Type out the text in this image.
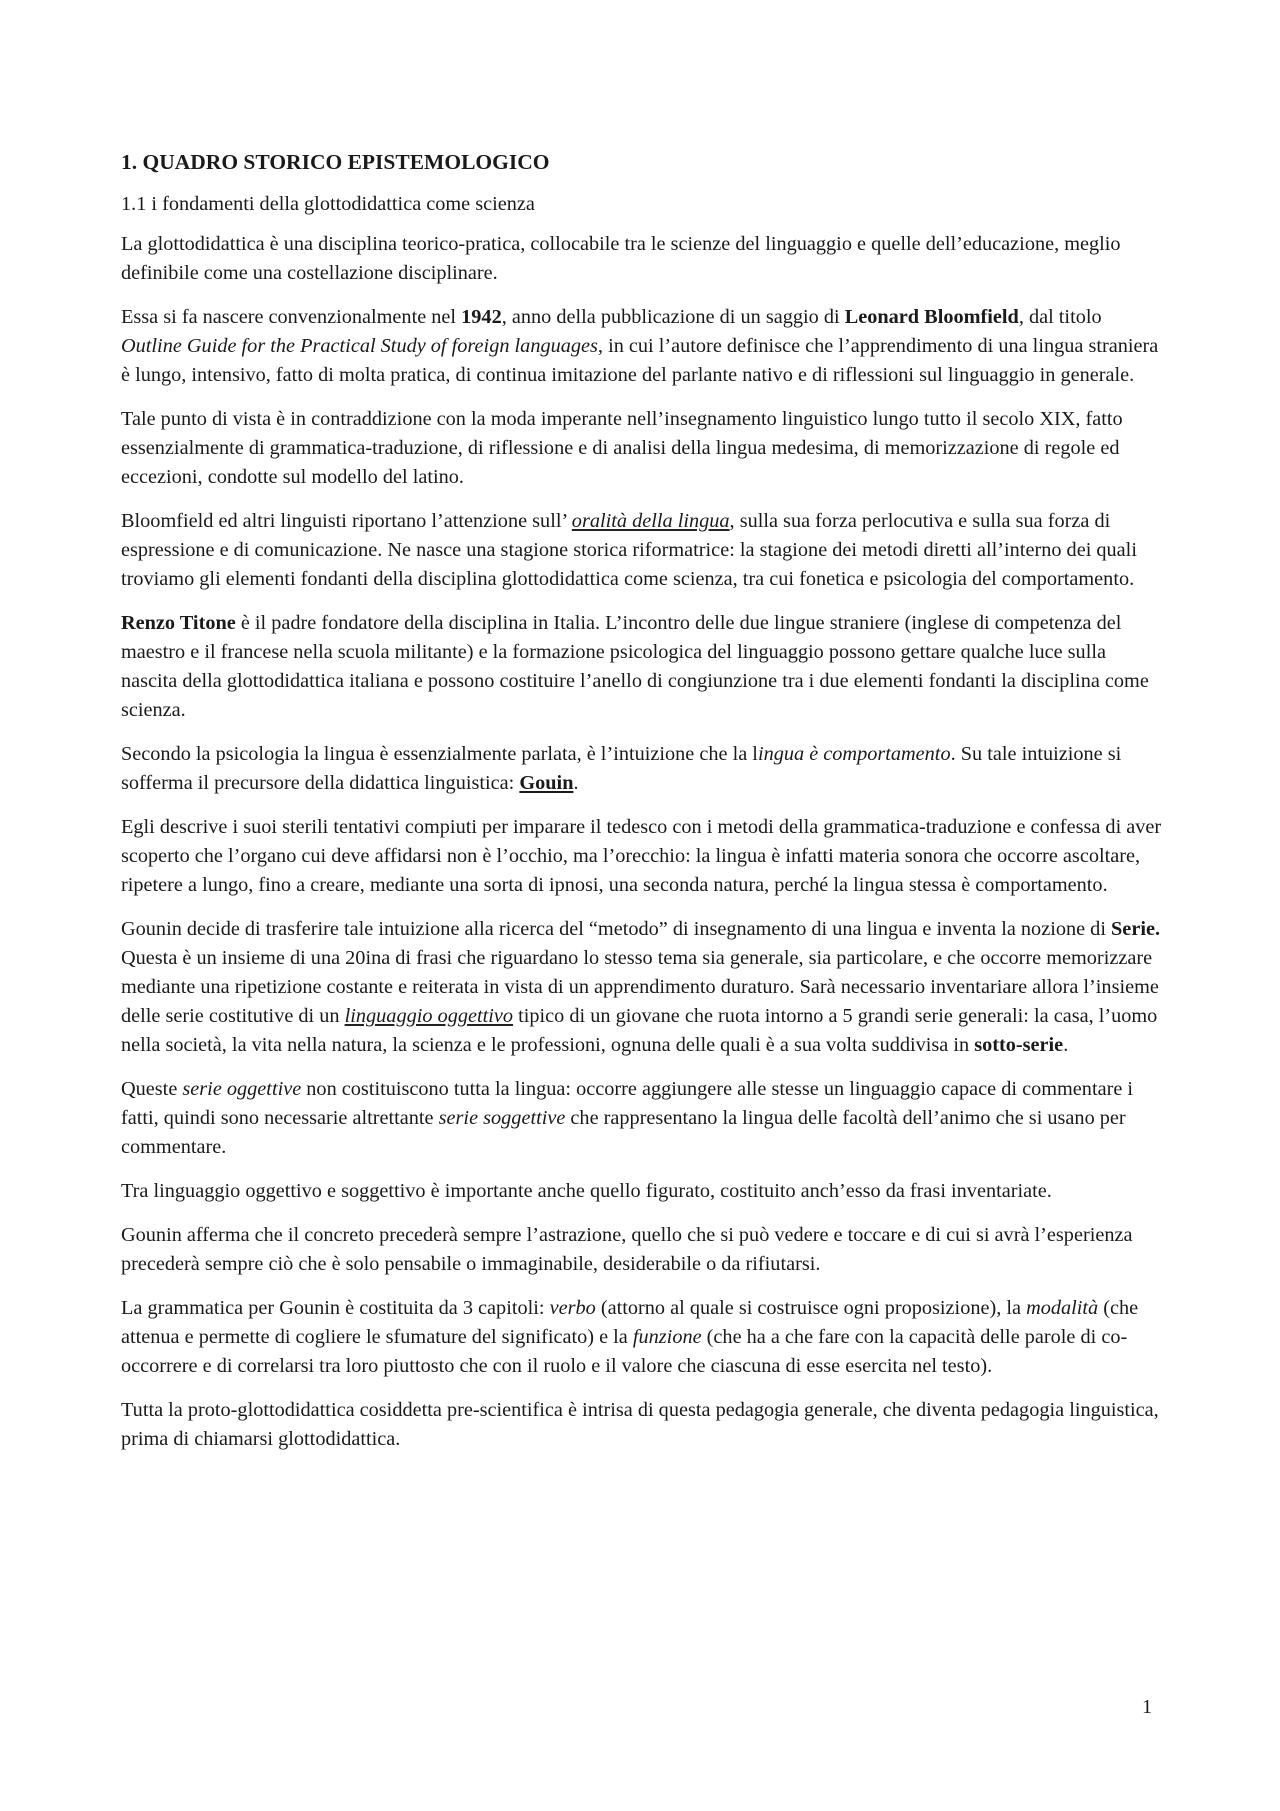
1. QUADRO STORICO EPISTEMOLOGICO

1.1 i fondamenti della glottodidattica come scienza

La glottodidattica è una disciplina teorico-pratica, collocabile tra le scienze del linguaggio e quelle dell’educazione, meglio definibile come una costellazione disciplinare.

Essa si fa nascere convenzionalmente nel 1942, anno della pubblicazione di un saggio di Leonard Bloomfield, dal titolo Outline Guide for the Practical Study of foreign languages, in cui l’autore definisce che l’apprendimento di una lingua straniera è lungo, intensivo, fatto di molta pratica, di continua imitazione del parlante nativo e di riflessioni sul linguaggio in generale.

Tale punto di vista è in contraddizione con la moda imperante nell’insegnamento linguistico lungo tutto il secolo XIX, fatto essenzialmente di grammatica-traduzione, di riflessione e di analisi della lingua medesima, di memorizzazione di regole ed eccezioni, condotte sul modello del latino.

Bloomfield ed altri linguisti riportano l’attenzione sull’ oralità della lingua, sulla sua forza perlocutiva e sulla sua forza di espressione e di comunicazione. Ne nasce una stagione storica riformatrice: la stagione dei metodi diretti all’interno dei quali troviamo gli elementi fondanti della disciplina glottodidattica come scienza, tra cui fonetica e psicologia del comportamento.

Renzo Titone è il padre fondatore della disciplina in Italia. L’incontro delle due lingue straniere (inglese di competenza del maestro e il francese nella scuola militante) e la formazione psicologica del linguaggio possono gettare qualche luce sulla nascita della glottodidattica italiana e possono costituire l’anello di congiunzione tra i due elementi fondanti la disciplina come scienza.

Secondo la psicologia la lingua è essenzialmente parlata, è l’intuizione che la lingua è comportamento. Su tale intuizione si sofferma il precursore della didattica linguistica: Gouin.

Egli descrive i suoi sterili tentativi compiuti per imparare il tedesco con i metodi della grammatica-traduzione e confessa di aver scoperto che l’organo cui deve affidarsi non è l’occhio, ma l’orecchio: la lingua è infatti materia sonora che occorre ascoltare, ripetere a lungo, fino a creare, mediante una sorta di ipnosi, una seconda natura, perché la lingua stessa è comportamento.

Gounin decide di trasferire tale intuizione alla ricerca del “metodo” di insegnamento di una lingua e inventa la nozione di Serie. Questa è un insieme di una 20ina di frasi che riguardano lo stesso tema sia generale, sia particolare, e che occorre memorizzare mediante una ripetizione costante e reiterata in vista di un apprendimento duraturo. Sarà necessario inventariare allora l’insieme delle serie costitutive di un linguaggio oggettivo tipico di un giovane che ruota intorno a 5 grandi serie generali: la casa, l’uomo nella società, la vita nella natura, la scienza e le professioni, ognuna delle quali è a sua volta suddivisa in sotto-serie.

Queste serie oggettive non costituiscono tutta la lingua: occorre aggiungere alle stesse un linguaggio capace di commentare i fatti, quindi sono necessarie altrettante serie soggettive che rappresentano la lingua delle facoltà dell’animo che si usano per commentare.

Tra linguaggio oggettivo e soggettivo è importante anche quello figurato, costituito anch’esso da frasi inventariate.

Gounin afferma che il concreto precederà sempre l’astrazione, quello che si può vedere e toccare e di cui si avrà l’esperienza precederà sempre ciò che è solo pensabile o immaginabile, desiderabile o da rifiutarsi.

La grammatica per Gounin è costituita da 3 capitoli: verbo (attorno al quale si costruisce ogni proposizione), la modalità (che attenua e permette di cogliere le sfumature del significato) e la funzione (che ha a che fare con la capacità delle parole di co-occorrere e di correlarsi tra loro piuttosto che con il ruolo e il valore che ciascuna di esse esercita nel testo).

Tutta la proto-glottodidattica cosiddetta pre-scientifica è intrisa di questa pedagogia generale, che diventa pedagogia linguistica, prima di chiamarsi glottodidattica.

1
